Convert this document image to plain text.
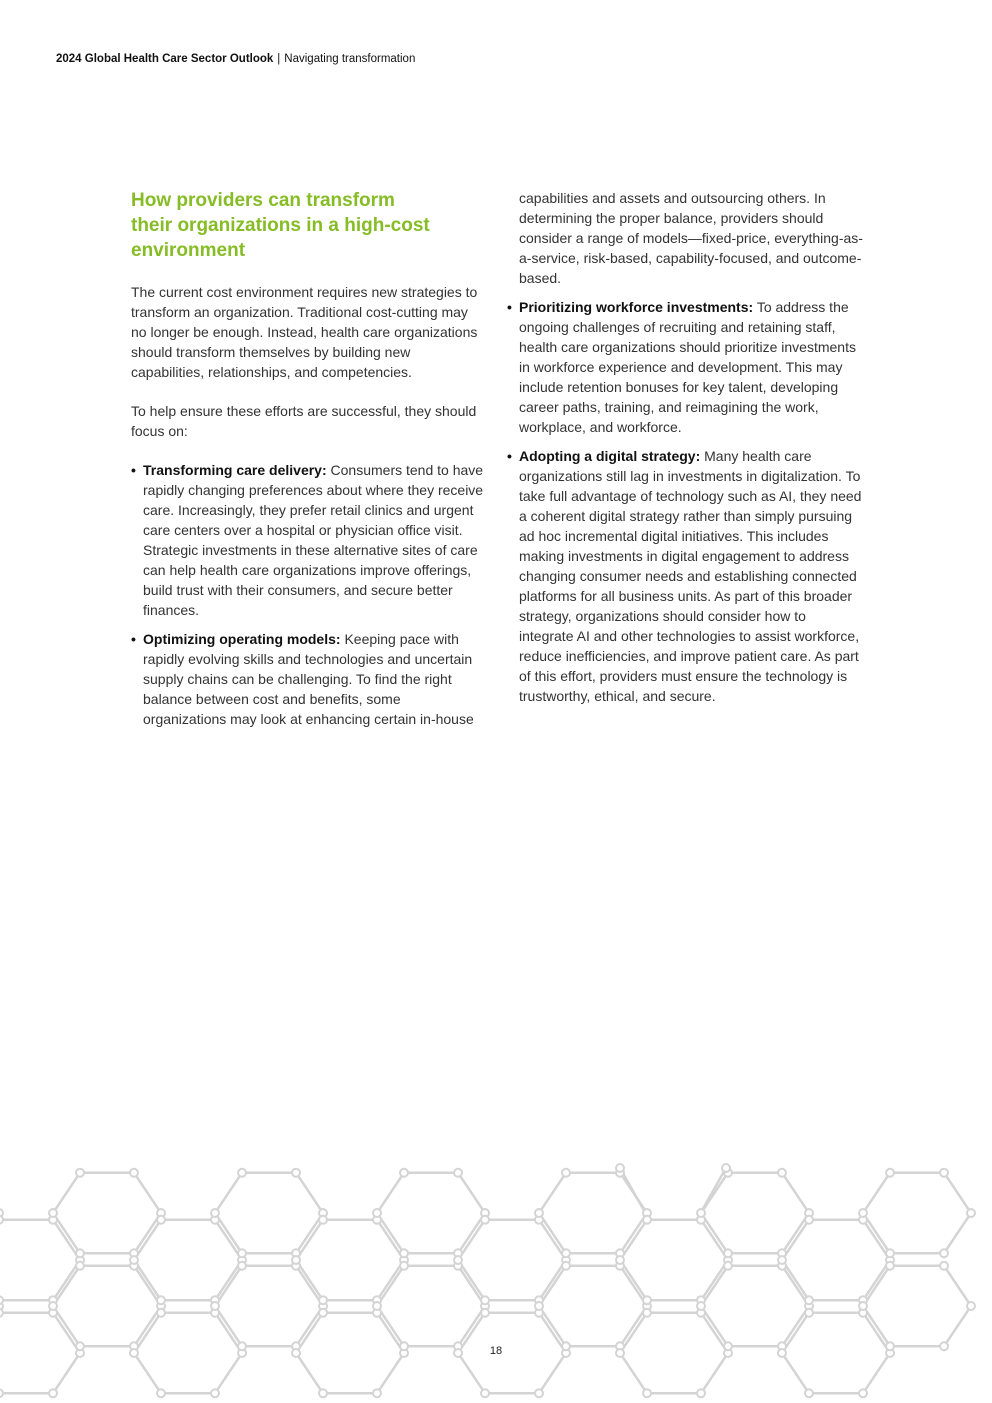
2024 Global Health Care Sector Outlook | Navigating transformation
How providers can transform their organizations in a high-cost environment

The current cost environment requires new strategies to transform an organization. Traditional cost-cutting may no longer be enough. Instead, health care organizations should transform themselves by building new capabilities, relationships, and competencies.

To help ensure these efforts are successful, they should focus on:

• Transforming care delivery: Consumers tend to have rapidly changing preferences about where they receive care. Increasingly, they prefer retail clinics and urgent care centers over a hospital or physician office visit. Strategic investments in these alternative sites of care can help health care organizations improve offerings, build trust with their consumers, and secure better finances.
• Optimizing operating models: Keeping pace with rapidly evolving skills and technologies and uncertain supply chains can be challenging. To find the right balance between cost and benefits, some organizations may look at enhancing certain in-house

capabilities and assets and outsourcing others. In determining the proper balance, providers should consider a range of models—fixed-price, everything-as-a-service, risk-based, capability-focused, and outcome-based.

• Prioritizing workforce investments: To address the ongoing challenges of recruiting and retaining staff, health care organizations should prioritize investments in workforce experience and development. This may include retention bonuses for key talent, developing career paths, training, and reimagining the work, workplace, and workforce.
• Adopting a digital strategy: Many health care organizations still lag in investments in digitalization. To take full advantage of technology such as AI, they need a coherent digital strategy rather than simply pursuing ad hoc incremental digital initiatives. This includes making investments in digital engagement to address changing consumer needs and establishing connected platforms for all business units. As part of this broader strategy, organizations should consider how to integrate AI and other technologies to assist workforce, reduce inefficiencies, and improve patient care. As part of this effort, providers must ensure the technology is trustworthy, ethical, and secure.
18
